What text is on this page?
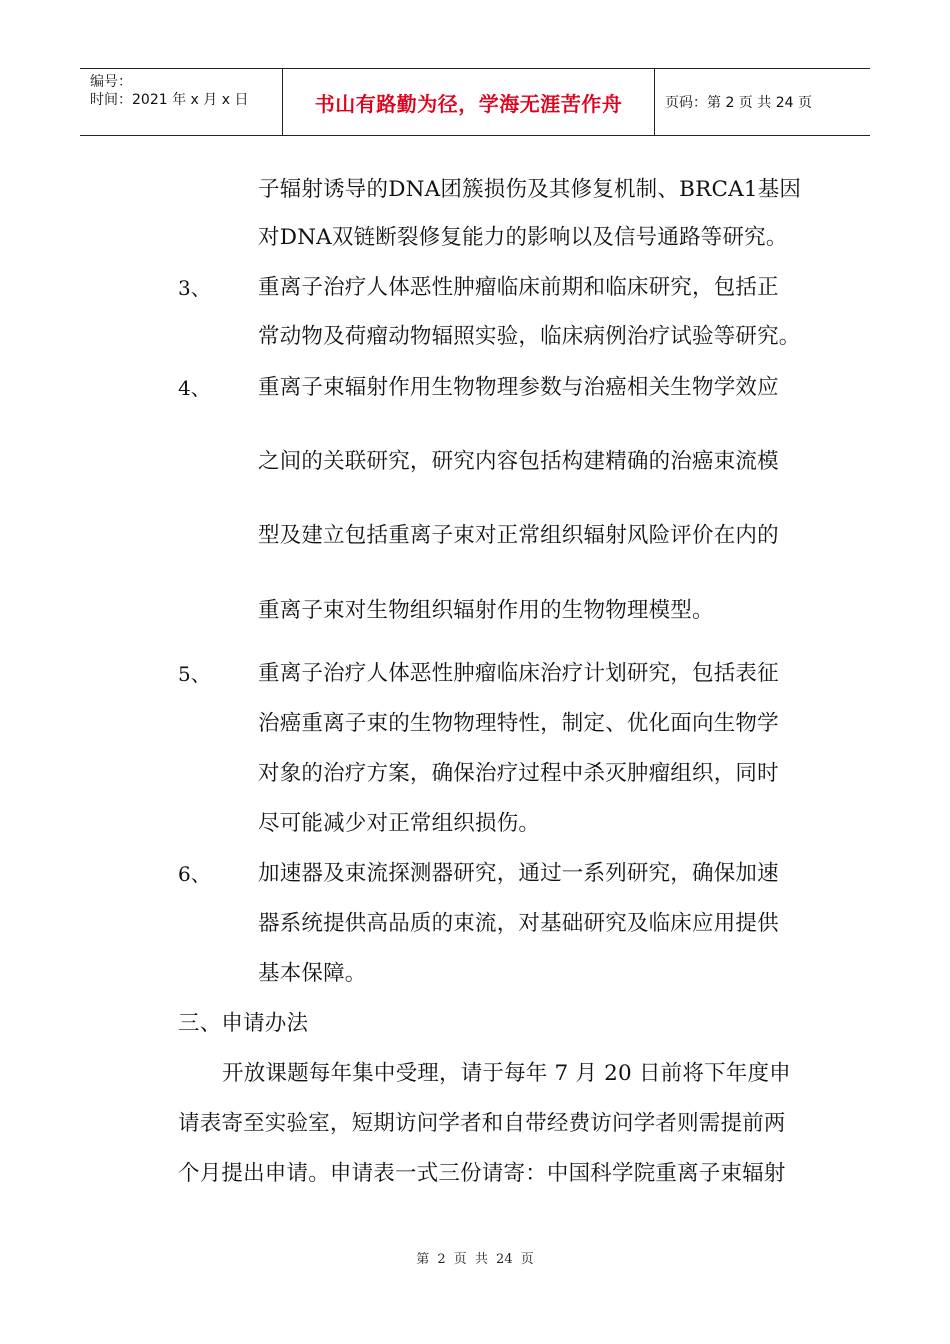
编号：
时间：2021 年 x 月 x 日	书山有路勤为径，学海无涯苦作舟	页码：第 2 页 共 24 页
子辐射诱导的DNA团簇损伤及其修复机制、BRCA1基因
对DNA双链断裂修复能力的影响以及信号通路等研究。
3、 重离子治疗人体恶性肿瘤临床前期和临床研究，包括正
常动物及荷瘤动物辐照实验，临床病例治疗试验等研究。
4、 重离子束辐射作用生物物理参数与治癌相关生物学效应
之间的关联研究，研究内容包括构建精确的治癌束流模
型及建立包括重离子束对正常组织辐射风险评价在内的
重离子束对生物组织辐射作用的生物物理模型。
5、 重离子治疗人体恶性肿瘤临床治疗计划研究，包括表征
治癌重离子束的生物物理特性，制定、优化面向生物学
对象的治疗方案，确保治疗过程中杀灭肿瘤组织，同时
尽可能减少对正常组织损伤。
6、 加速器及束流探测器研究，通过一系列研究，确保加速
器系统提供高品质的束流，对基础研究及临床应用提供
基本保障。
三、申请办法
开放课题每年集中受理，请于每年 7 月 20 日前将下年度申
请表寄至实验室，短期访问学者和自带经费访问学者则需提前两
个月提出申请。申请表一式三份请寄：中国科学院重离子束辐射
第 2 页 共 24 页
